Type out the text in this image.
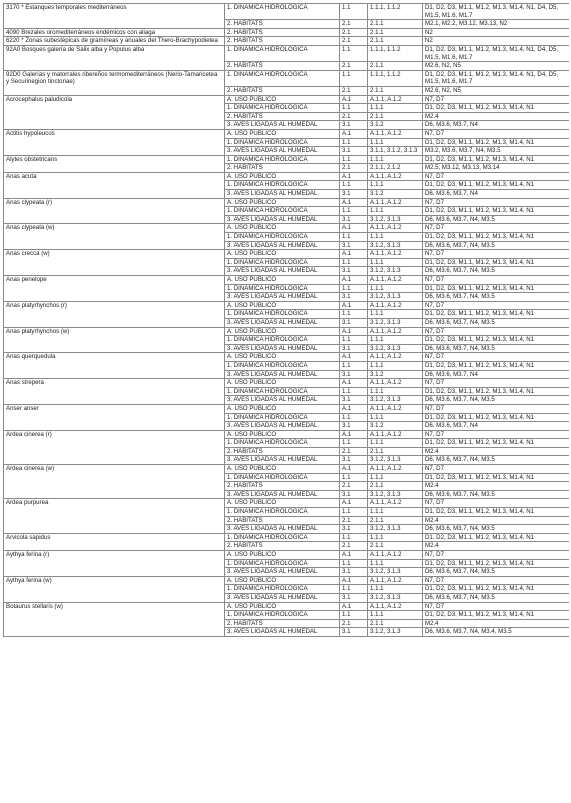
3170 * Estanques temporales mediterráneos	1. DINÁMICA HIDROLÓGICA	1.1	1.1.1, 1.1.2	D1, D2, D3, M1.1, M1.2, M1.3, M1.4, N1, D4, D5, M1.5, M1.6, M1.7
	2. HÁBITATS	2.1	2.1.1	M2.1, M2.2, M3.12, M3.13, N2
4090 Brezales oromediterráneos endémicos con aliaga	2. HÁBITATS	2.1	2.1.1	N2
6220 * Zonas subestépicas de gramíneas y anuales del Thero-Brachypodietea	2. HÁBITATS	2.1	2.1.1	N2
92A0 Bosques galería de Salix alba y Populus alba	1. DINÁMICA HIDROLÓGICA	1.1	1.1.1, 1.1.2	D1, D2, D3, M1.1, M1.2, M1.3, M1.4, N1, D4, D5, M1.5, M1.6, M1.7
	2. HÁBITATS	2.1	2.1.1	M2.6, N2, N5
92D0 Galerías y matorrales ribereños termomediterráneos (Nerio-Tamaricetea y Securinegion tinctoriae)	1. DINÁMICA HIDROLÓGICA	1.1	1.1.1, 1.1.2	D1, D2, D3, M1.1, M1.2, M1.3, M1.4, N1, D4, D5, M1.5, M1.6, M1.7
	2. HÁBITATS	2.1	2.1.1	M2.6, N2, N5
Acrocephalus paludicola	A. USO PÚBLICO	A.1	A.1.1, A.1.2	N7, D7
	1. DINÁMICA HIDROLÓGICA	1.1	1.1.1	D1, D2, D3, M1.1, M1.2, M1.3, M1.4, N1
	2. HÁBITATS	2.1	2.1.1	M2.4
	3. AVES LIGADAS AL HUMEDAL	3.1	3.1.2	D6, M3.6, M3.7, N4
Actitis hypoleucos	A. USO PÚBLICO	A.1	A.1.1, A.1.2	N7, D7
	1. DINÁMICA HIDROLÓGICA	1.1	1.1.1	D1, D2, D3, M1.1, M1.2, M1.3, M1.4, N1
	3. AVES LIGADAS AL HUMEDAL	3.1	3.1.1, 3.1.2, 3.1.3	M3.2, M3.6, M3.7, N4, M3.5
Alytes obstetricans	1. DINÁMICA HIDROLÓGICA	1.1	1.1.1	D1, D2, D3, M1.1, M1.2, M1.3, M1.4, N1
	2. HÁBITATS	2.1	2.1.1, 2.1.2	M2.5, M3.12, M3.13, M3.14
Anas acuta	A. USO PÚBLICO	A.1	A.1.1, A.1.2	N7, D7
	1. DINÁMICA HIDROLÓGICA	1.1	1.1.1	D1, D2, D3, M1.1, M1.2, M1.3, M1.4, N1
	3. AVES LIGADAS AL HUMEDAL	3.1	3.1.2	D6, M3.6, M3.7, N4
Anas clypeata (r)	A. USO PÚBLICO	A.1	A.1.1, A.1.2	N7, D7
	1. DINÁMICA HIDROLÓGICA	1.1	1.1.1	D1, D2, D3, M1.1, M1.2, M1.3, M1.4, N1
	3. AVES LIGADAS AL HUMEDAL	3.1	3.1.2, 3.1.3	D6, M3.6, M3.7, N4, M3.5
Anas clypeata (w)	A. USO PÚBLICO	A.1	A.1.1, A.1.2	N7, D7
	1. DINÁMICA HIDROLÓGICA	1.1	1.1.1	D1, D2, D3, M1.1, M1.2, M1.3, M1.4, N1
	3. AVES LIGADAS AL HUMEDAL	3.1	3.1.2, 3.1.3	D6, M3.6, M3.7, N4, M3.5
Anas crecca (w)	A. USO PÚBLICO	A.1	A.1.1, A.1.2	N7, D7
	1. DINÁMICA HIDROLÓGICA	1.1	1.1.1	D1, D2, D3, M1.1, M1.2, M1.3, M1.4, N1
	3. AVES LIGADAS AL HUMEDAL	3.1	3.1.2, 3.1.3	D6, M3.6, M3.7, N4, M3.5
Anas penelope	A. USO PÚBLICO	A.1	A.1.1, A.1.2	N7, D7
	1. DINÁMICA HIDROLÓGICA	1.1	1.1.1	D1, D2, D3, M1.1, M1.2, M1.3, M1.4, N1
	3. AVES LIGADAS AL HUMEDAL	3.1	3.1.2, 3.1.3	D6, M3.6, M3.7, N4, M3.5
Anas platyrhynchos (r)	A. USO PÚBLICO	A.1	A.1.1, A.1.2	N7, D7
	1. DINÁMICA HIDROLÓGICA	1.1	1.1.1	D1, D2, D3, M1.1, M1.2, M1.3, M1.4, N1
	3. AVES LIGADAS AL HUMEDAL	3.1	3.1.2, 3.1.3	D6, M3.6, M3.7, N4, M3.5
Anas platyrhynchos (w)	A. USO PÚBLICO	A.1	A.1.1, A.1.2	N7, D7
	1. DINÁMICA HIDROLÓGICA	1.1	1.1.1	D1, D2, D3, M1.1, M1.2, M1.3, M1.4, N1
	3. AVES LIGADAS AL HUMEDAL	3.1	3.1.2, 3.1.3	D6, M3.6, M3.7, N4, M3.5
Anas querquedula	A. USO PÚBLICO	A.1	A.1.1, A.1.2	N7, D7
	1. DINÁMICA HIDROLÓGICA	1.1	1.1.1	D1, D2, D3, M1.1, M1.2, M1.3, M1.4, N1
	3. AVES LIGADAS AL HUMEDAL	3.1	3.1.2	D6, M3.6, M3.7, N4
Anas strepera	A. USO PÚBLICO	A.1	A.1.1, A.1.2	N7, D7
	1. DINÁMICA HIDROLÓGICA	1.1	1.1.1	D1, D2, D3, M1.1, M1.2, M1.3, M1.4, N1
	3. AVES LIGADAS AL HUMEDAL	3.1	3.1.2, 3.1.3	D6, M3.6, M3.7, N4, M3.5
Anser anser	A. USO PÚBLICO	A.1	A.1.1, A.1.2	N7, D7
	1. DINÁMICA HIDROLÓGICA	1.1	1.1.1	D1, D2, D3, M1.1, M1.2, M1.3, M1.4, N1
	3. AVES LIGADAS AL HUMEDAL	3.1	3.1.2	D6, M3.6, M3.7, N4
Ardea cinerea (r)	A. USO PÚBLICO	A.1	A.1.1, A.1.2	N7, D7
	1. DINÁMICA HIDROLÓGICA	1.1	1.1.1	D1, D2, D3, M1.1, M1.2, M1.3, M1.4, N1
	2. HÁBITATS	2.1	2.1.1	M2.4
	3. AVES LIGADAS AL HUMEDAL	3.1	3.1.2, 3.1.3	D6, M3.6, M3.7, N4, M3.5
Ardea cinerea (w)	A. USO PÚBLICO	A.1	A.1.1, A.1.2	N7, D7
	1. DINÁMICA HIDROLÓGICA	1.1	1.1.1	D1, D2, D3, M1.1, M1.2, M1.3, M1.4, N1
	2. HÁBITATS	2.1	2.1.1	M2.4
	3. AVES LIGADAS AL HUMEDAL	3.1	3.1.2, 3.1.3	D6, M3.6, M3.7, N4, M3.5
Ardea purpurea	A. USO PÚBLICO	A.1	A.1.1, A.1.2	N7, D7
	1. DINÁMICA HIDROLÓGICA	1.1	1.1.1	D1, D2, D3, M1.1, M1.2, M1.3, M1.4, N1
	2. HÁBITATS	2.1	2.1.1	M2.4
	3. AVES LIGADAS AL HUMEDAL	3.1	3.1.2, 3.1.3	D6, M3.6, M3.7, N4, M3.5
Arvicola sapidus	1. DINÁMICA HIDROLÓGICA	1.1	1.1.1	D1, D2, D3, M1.1, M1.2, M1.3, M1.4, N1
	2. HÁBITATS	2.1	2.1.1	M2.4
Aythya ferina (r)	A. USO PÚBLICO	A.1	A.1.1, A.1.2	N7, D7
	1. DINÁMICA HIDROLÓGICA	1.1	1.1.1	D1, D2, D3, M1.1, M1.2, M1.3, M1.4, N1
	3. AVES LIGADAS AL HUMEDAL	3.1	3.1.2, 3.1.3	D6, M3.6, M3.7, N4, M3.5
Aythya ferina (w)	A. USO PÚBLICO	A.1	A.1.1, A.1.2	N7, D7
	1. DINÁMICA HIDROLÓGICA	1.1	1.1.1	D1, D2, D3, M1.1, M1.2, M1.3, M1.4, N1
	3. AVES LIGADAS AL HUMEDAL	3.1	3.1.2, 3.1.3	D6, M3.6, M3.7, N4, M3.5
Botaurus stellaris (w)	A. USO PÚBLICO	A.1	A.1.1, A.1.2	N7, D7
	1. DINÁMICA HIDROLÓGICA	1.1	1.1.1	D1, D2, D3, M1.1, M1.2, M1.3, M1.4, N1
	2. HÁBITATS	2.1	2.1.1	M2.4
	3. AVES LIGADAS AL HUMEDAL	3.1	3.1.2, 3.1.3	D6, M3.6, M3.7, N4, M3.4, M3.5
